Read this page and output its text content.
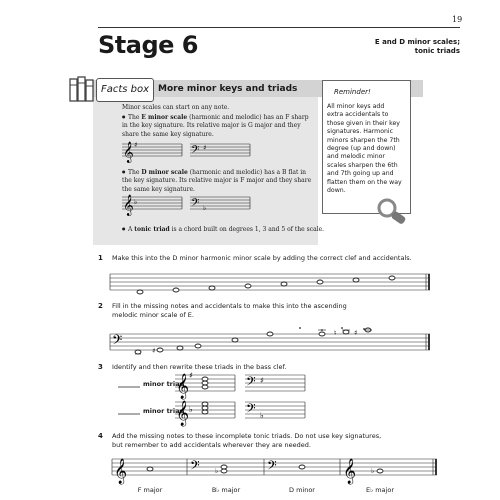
19
Stage 6	E and D minor scales;
tonic triads
Facts box More minor keys and triads
Minor scales can start on any note.
● The E minor scale (harmonic and melodic) has an F sharp in the key signature. Its relative major is G major and they share the same key signature.
● The D minor scale (harmonic and melodic) has a B flat in the key signature. Its relative major is F major and they share the same key signature.
● A tonic triad is a chord built on degrees 1, 3 and 5 of the scale.
𝄞 ♯	𝄢 ♯
𝄞 ♭	𝄢 ♭
Reminder!
All minor keys add
extra accidentals to
those given in their key
signatures. Harmonic
minors sharpen the 7th
degree (up and down)
and melodic minor
scales sharpen the 6th
and 7th going up and
flatten them on the way
down.
1 Make this into the D minor harmonic minor scale by adding the correct clef and accidentals.
2 Fill in the missing notes and accidentals to make this into the ascending
melodic minor scale of E.
𝄢	♯
♮ ♯
3 Identify and then rewrite these triads in the bass clef.
minor triad
𝄞 ♯	𝄢 ♯
minor triad
𝄞 ♭	𝄢 ♭
4 Add the missing notes to these incomplete tonic triads. Do not use key signatures,
but remember to add accidentals wherever they are needed.
𝄞	𝄢	𝄢	𝄞
♭	♭
F major	B♭ major	D minor	E♭ major
